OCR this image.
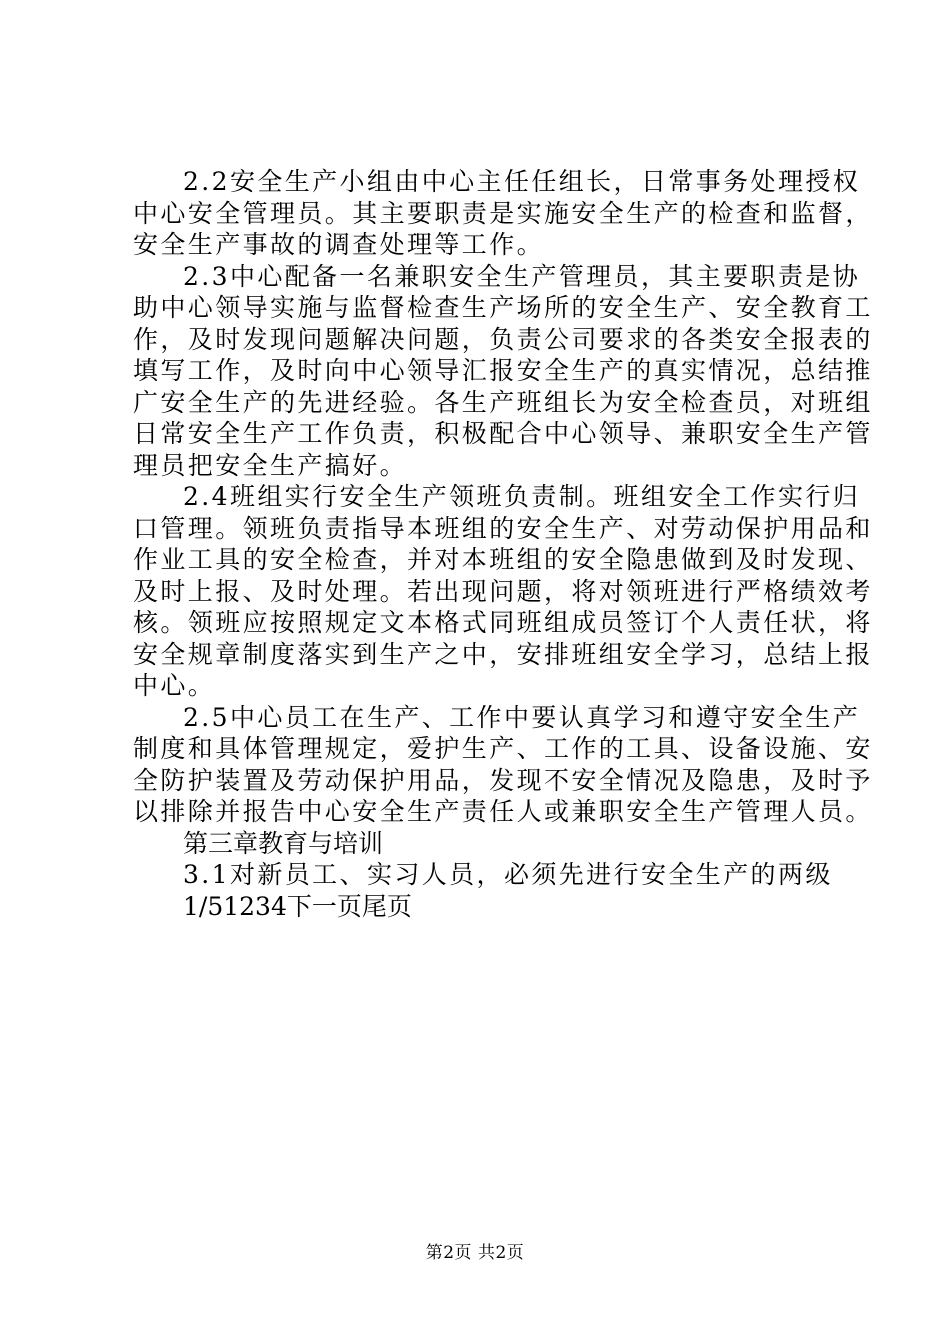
2.2安全生产小组由中心主任任组长，日常事务处理授权
中心安全管理员。其主要职责是实施安全生产的检查和监督，
安全生产事故的调查处理等工作。
2.3中心配备一名兼职安全生产管理员，其主要职责是协
助中心领导实施与监督检查生产场所的安全生产、安全教育工
作，及时发现问题解决问题，负责公司要求的各类安全报表的
填写工作，及时向中心领导汇报安全生产的真实情况，总结推
广安全生产的先进经验。各生产班组长为安全检查员，对班组
日常安全生产工作负责，积极配合中心领导、兼职安全生产管
理员把安全生产搞好。
2.4班组实行安全生产领班负责制。班组安全工作实行归
口管理。领班负责指导本班组的安全生产、对劳动保护用品和
作业工具的安全检查，并对本班组的安全隐患做到及时发现、
及时上报、及时处理。若出现问题，将对领班进行严格绩效考
核。领班应按照规定文本格式同班组成员签订个人责任状，将
安全规章制度落实到生产之中，安排班组安全学习，总结上报
中心。
2.5中心员工在生产、工作中要认真学习和遵守安全生产
制度和具体管理规定，爱护生产、工作的工具、设备设施、安
全防护装置及劳动保护用品，发现不安全情况及隐患，及时予
以排除并报告中心安全生产责任人或兼职安全生产管理人员。
第三章教育与培训
3.1对新员工、实习人员，必须先进行安全生产的两级
1/51234下一页尾页
第2页 共2页
